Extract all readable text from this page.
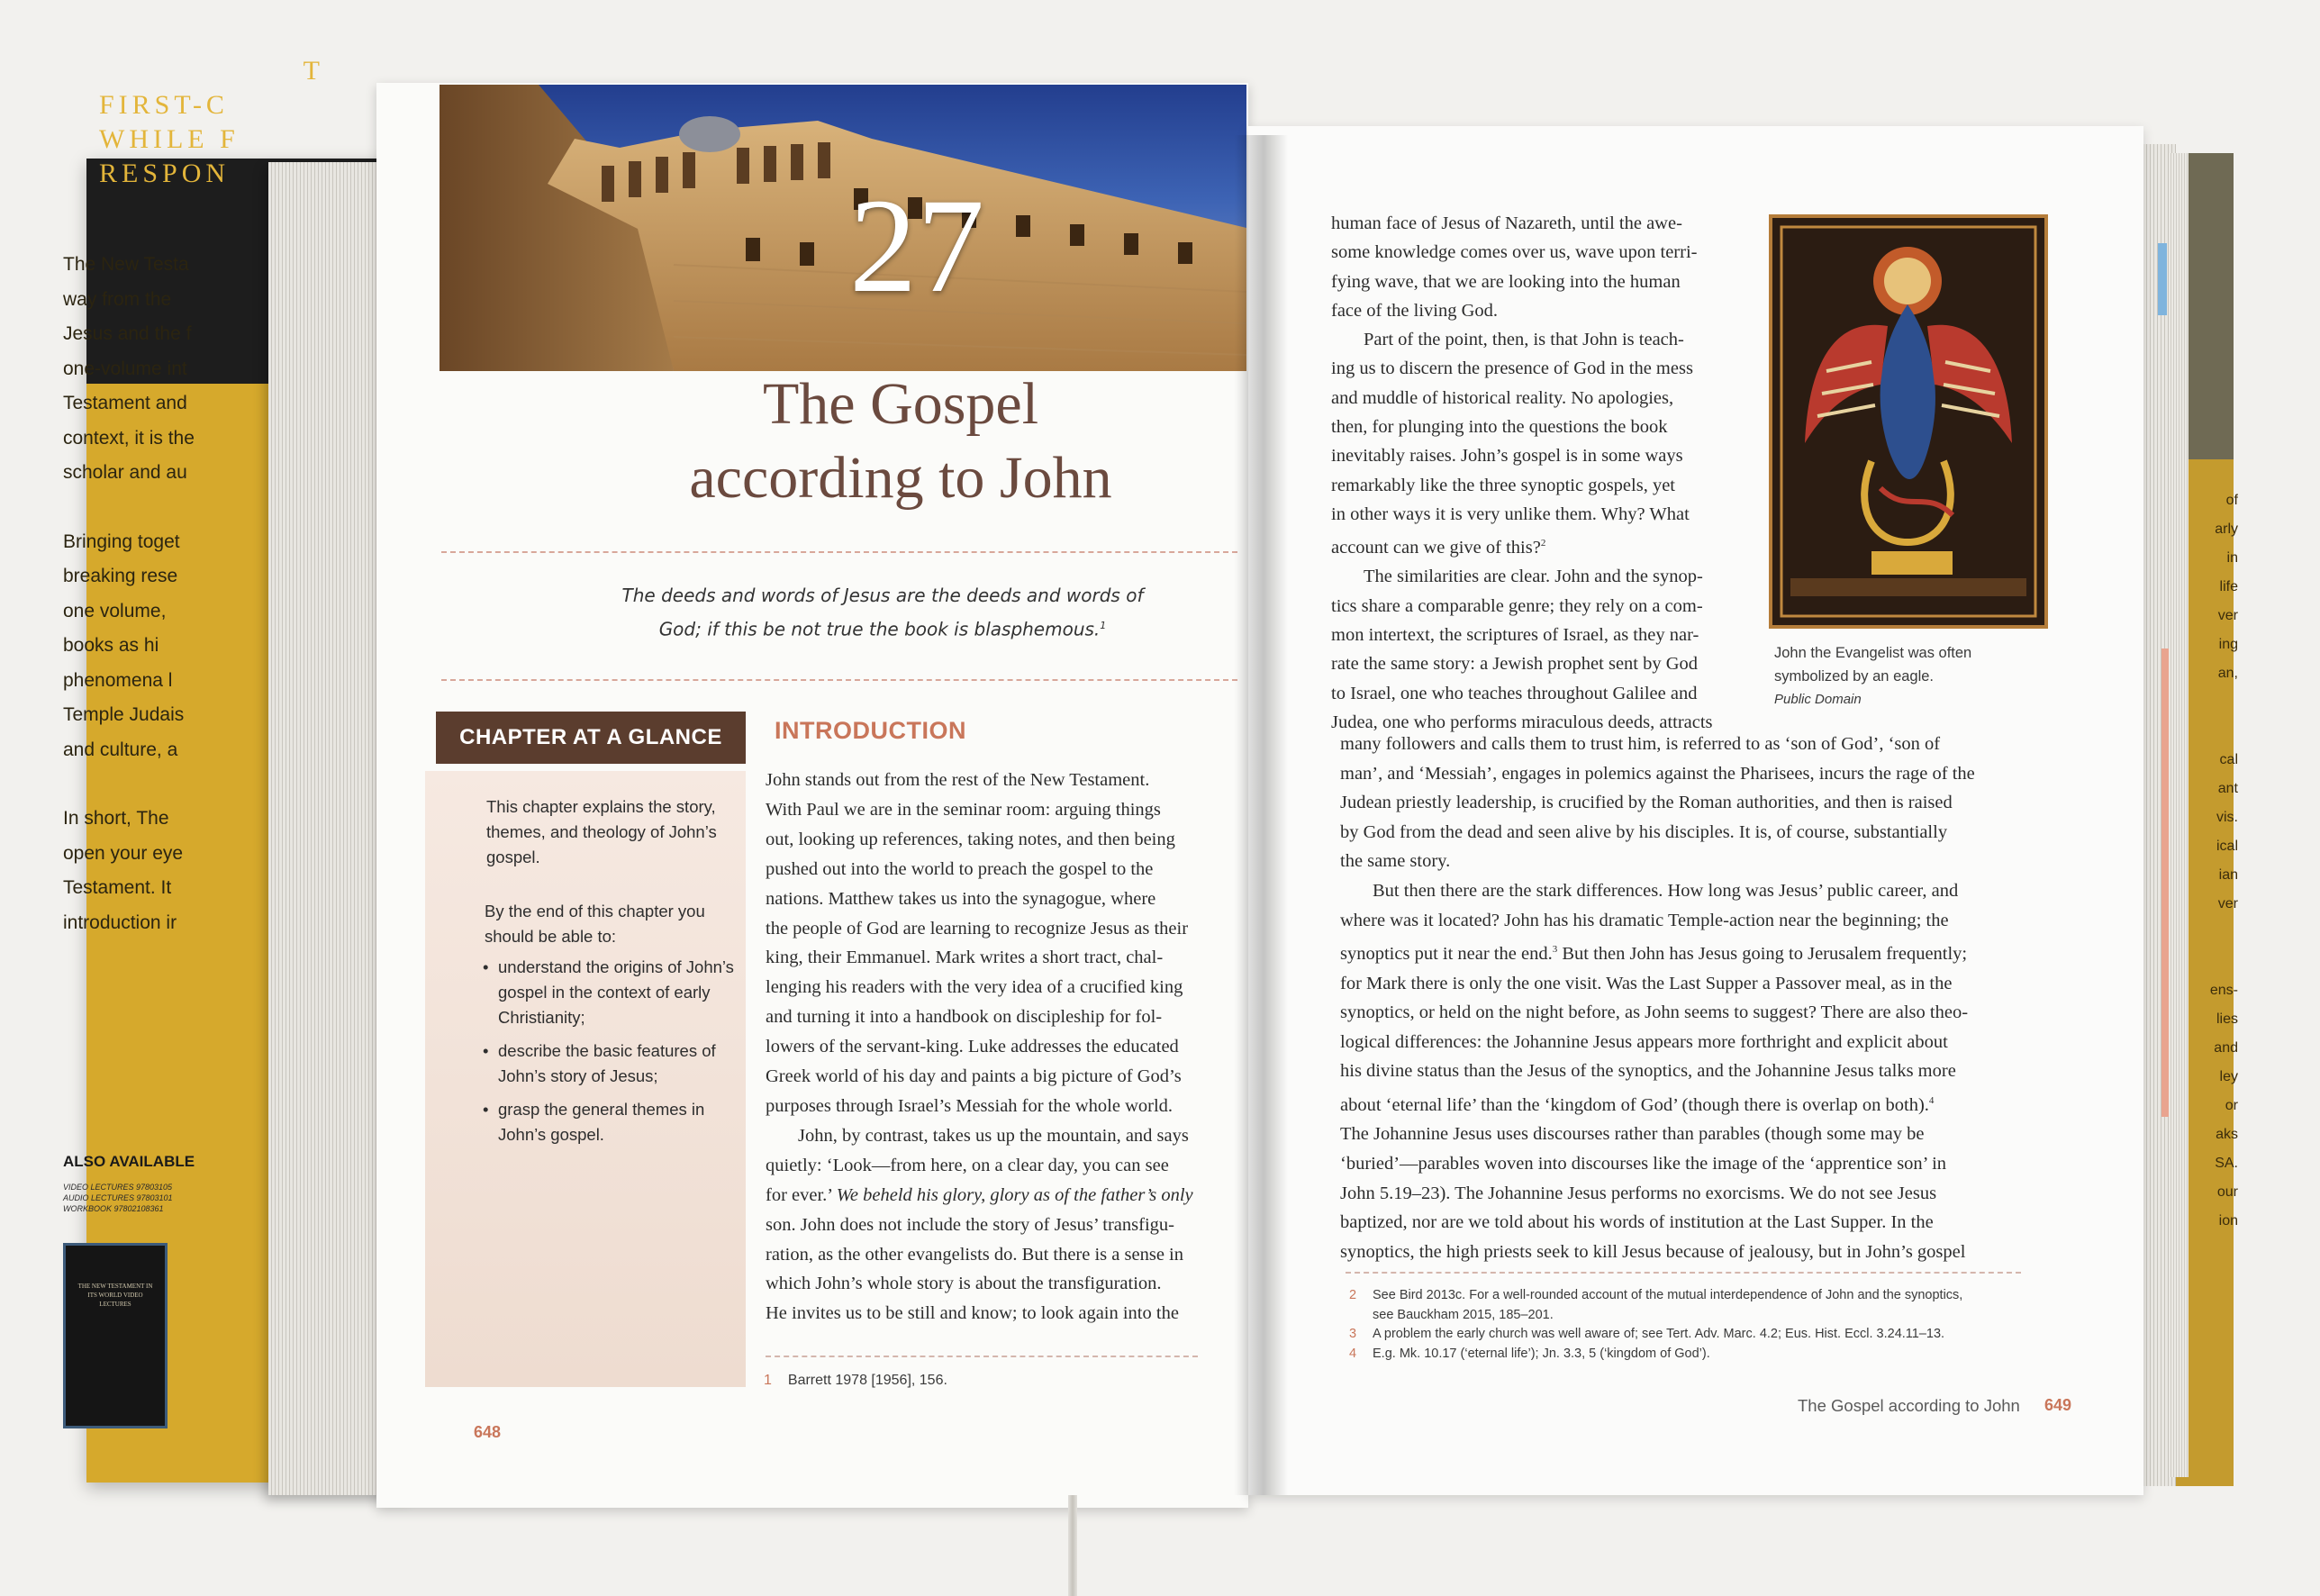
T
FIRST-C
WHILE F
RESPON
The New Testa
way from the
Jesus and the f
one-volume int
Testament and
context, it is the
scholar and au
Bringing toget
breaking rese
one volume,
books as hi
phenomena l
Temple Judais
and culture, a
In short, The
open your eye
Testament. It
introduction ir
ALSO AVAILABLE
VIDEO LECTURES 97803105
AUDIO LECTURES 97803101
WORKBOOK 97802108361
THE NEW TESTAMENT IN ITS WORLD VIDEO LECTURES
of
arly
in
life
ver
ing
an,
cal
ant
vis.
ical
ian
ver
ens-
lies
and
ley
or
aks
SA.
our
ion
27
The Gospel
according to John
The deeds and words of Jesus are the deeds and words of
God; if this be not true the book is blasphemous.$^1$
CHAPTER AT A GLANCE
This chapter explains the story, themes, and theology of John’s gospel.
By the end of this chapter you should be able to:
• understand the origins of John’s gospel in the context of early Christianity;
• describe the basic features of John’s story of Jesus;
• grasp the general themes in John’s gospel.
INTRODUCTION
John stands out from the rest of the New Testament.
With Paul we are in the seminar room: arguing things
out, looking up references, taking notes, and then being
pushed out into the world to preach the gospel to the
nations. Matthew takes us into the synagogue, where
the people of God are learning to recognize Jesus as their
king, their Emmanuel. Mark writes a short tract, chal-
lenging his readers with the very idea of a crucified king
and turning it into a handbook on discipleship for fol-
lowers of the servant-king. Luke addresses the educated
Greek world of his day and paints a big picture of God’s
purposes through Israel’s Messiah for the whole world.
John, by contrast, takes us up the mountain, and says
quietly: ‘Look—from here, on a clear day, you can see
for ever.’ We beheld his glory, glory as of the father’s only
son. John does not include the story of Jesus’ transfigu-
ration, as the other evangelists do. But there is a sense in
which John’s whole story is about the transfiguration.
He invites us to be still and know; to look again into the
1 Barrett 1978 [1956], 156.
648
human face of Jesus of Nazareth, until the awe-
some knowledge comes over us, wave upon terri-
fying wave, that we are looking into the human
face of the living God.
Part of the point, then, is that John is teach-
ing us to discern the presence of God in the mess
and muddle of historical reality. No apologies,
then, for plunging into the questions the book
inevitably raises. John’s gospel is in some ways
remarkably like the three synoptic gospels, yet
in other ways it is very unlike them. Why? What
account can we give of this?$^2$
The similarities are clear. John and the synop-
tics share a comparable genre; they rely on a com-
mon intertext, the scriptures of Israel, as they nar-
rate the same story: a Jewish prophet sent by God
to Israel, one who teaches throughout Galilee and
Judea, one who performs miraculous deeds, attracts
John the Evangelist was often
symbolized by an eagle.
Public Domain
many followers and calls them to trust him, is referred to as ‘son of God’, ‘son of
man’, and ‘Messiah’, engages in polemics against the Pharisees, incurs the rage of the
Judean priestly leadership, is crucified by the Roman authorities, and then is raised
by God from the dead and seen alive by his disciples. It is, of course, substantially
the same story.
But then there are the stark differences. How long was Jesus’ public career, and
where was it located? John has his dramatic Temple-action near the beginning; the
synoptics put it near the end.$^3$ But then John has Jesus going to Jerusalem frequently;
for Mark there is only the one visit. Was the Last Supper a Passover meal, as in the
synoptics, or held on the night before, as John seems to suggest? There are also theo-
logical differences: the Johannine Jesus appears more forthright and explicit about
his divine status than the Jesus of the synoptics, and the Johannine Jesus talks more
about ‘eternal life’ than the ‘kingdom of God’ (though there is overlap on both).$^4$
The Johannine Jesus uses discourses rather than parables (though some may be
‘buried’—parables woven into discourses like the image of the ‘apprentice son’ in
John 5.19–23). The Johannine Jesus performs no exorcisms. We do not see Jesus
baptized, nor are we told about his words of institution at the Last Supper. In the
synoptics, the high priests seek to kill Jesus because of jealousy, but in John’s gospel
2 See Bird 2013c. For a well-rounded account of the mutual interdependence of John and the synoptics,
see Bauckham 2015, 185–201.
3 A problem the early church was well aware of; see Tert. Adv. Marc. 4.2; Eus. Hist. Eccl. 3.24.11–13.
4 E.g. Mk. 10.17 (‘eternal life’); Jn. 3.3, 5 (‘kingdom of God’).
The Gospel according to John 649
